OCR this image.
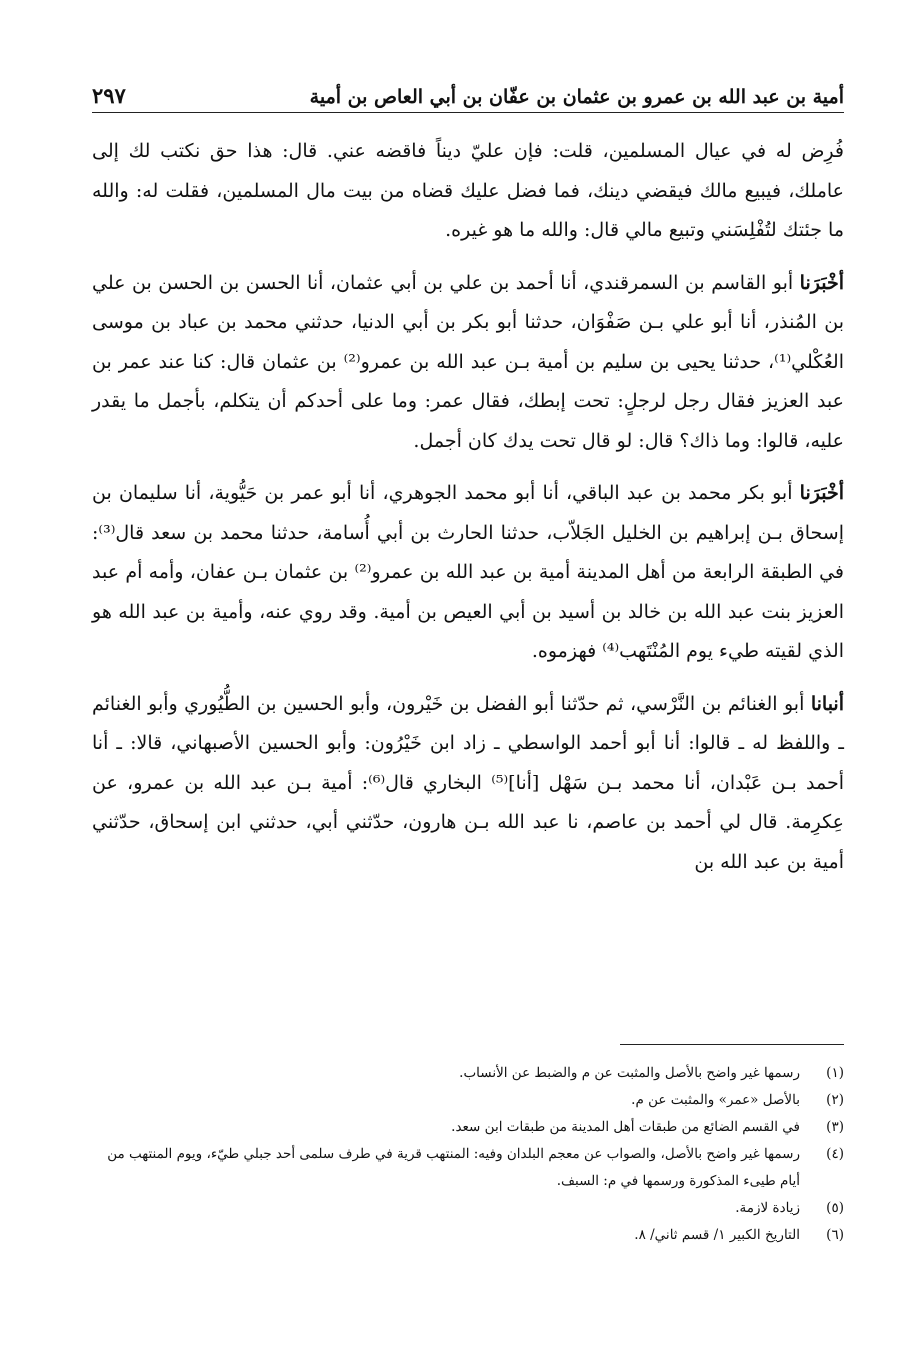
أمية بن عبد الله بن عمرو بن عثمان بن عفّان بن أبي العاص بن أمية
٢٩٧

فُرِض له في عيال المسلمين، قلت: فإن عليّ ديناً فاقضه عني. قال: هذا حق نكتب لك إلى عاملك، فيبيع مالك فيقضي دينك، فما فضل عليك قضاه من بيت مال المسلمين، فقلت له: والله ما جئتك لتُفْلِسَني وتبيع مالي قال: والله ما هو غيره.

أخْبَرَنا أبو القاسم بن السمرقندي، أنا أحمد بن علي بن أبي عثمان، أنا الحسن بن الحسن بن علي بن المُنذر، أنا أبو علي بـن صَفْوَان، حدثنا أبو بكر بن أبي الدنيا، حدثني محمد بن عباد بن موسى العُكْلي⁽¹⁾، حدثنا يحيى بن سليم بن أمية بـن عبد الله بن عمرو⁽²⁾ بن عثمان قال: كنا عند عمر بن عبد العزيز فقال رجل لرجلٍ: تحت إبطك، فقال عمر: وما على أحدكم أن يتكلم، بأجمل ما يقدر عليه، قالوا: وما ذاك؟ قال: لو قال تحت يدك كان أجمل.

أخْبَرَنا أبو بكر محمد بن عبد الباقي، أنا أبو محمد الجوهري، أنا أبو عمر بن حَيُّوية، أنا سليمان بن إسحاق بـن إبراهيم بن الخليل الجَلاّب، حدثنا الحارث بن أبي أُسامة، حدثنا محمد بن سعد قال⁽³⁾: في الطبقة الرابعة من أهل المدينة أمية بن عبد الله بن عمرو⁽²⁾ بن عثمان بـن عفان، وأمه أم عبد العزيز بنت عبد الله بن خالد بن أسيد بن أبي العيص بن أمية. وقد روي عنه، وأمية بن عبد الله هو الذي لقيته طيء يوم المُنْتَهب⁽⁴⁾ فهزموه.

أنبانا أبو الغنائم بن النَّرْسي، ثم حدّثنا أبو الفضل بن خَيْرون، وأبو الحسين بن الطُّيُوري وأبو الغنائم ـ واللفظ له ـ قالوا: أنا أبو أحمد الواسطي ـ زاد ابن خَيْرُون: وأبو الحسين الأصبهاني، قالا: ـ أنا أحمد بـن عَبْدان، أنا محمد بـن سَهْل [أنا]⁽⁵⁾ البخاري قال⁽⁶⁾: أمية بـن عبد الله بن عمرو، عن عِكرِمة. قال لي أحمد بن عاصم، نا عبد الله بـن هارون، حدّثني أبي، حدثني ابن إسحاق، حدّثني أمية بن عبد الله بن

(١)
رسمها غير واضح بالأصل والمثبت عن م والضبط عن الأنساب.
(٢)
بالأصل «عمر» والمثبت عن م.
(٣)
في القسم الضائع من طبقات أهل المدينة من طبقات ابن سعد.
(٤)
رسمها غير واضح بالأصل، والصواب عن معجم البلدان وفيه: المنتهب قرية في طرف سلمى أحد جبلي طيّء، ويوم المنتهب من أيام طيىء المذكورة ورسمها في م: السبف.
(٥)
زيادة لازمة.
(٦)
التاريخ الكبير ١/ قسم ثاني/ ٨.
